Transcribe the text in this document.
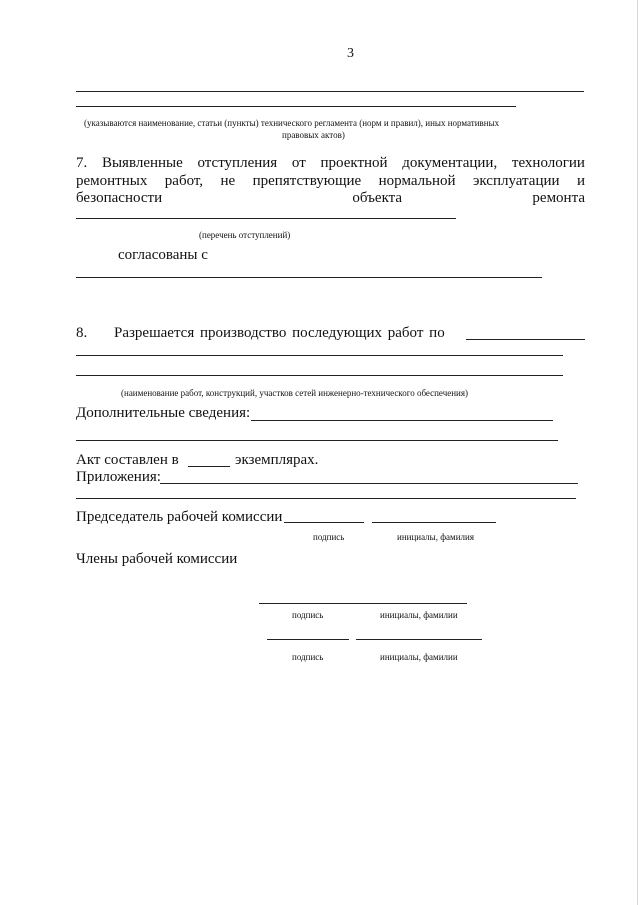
3
(указываются наименование, статьи (пункты) технического регламента (норм и правил), иных нормативных
правовых актов)
7. Выявленные отступления от проектной документации, технологии
ремонтных работ, не препятствующие нормальной эксплуатации и
безопасности	объекта	ремонта
(перечень отступлений)
согласованы с
8. Разрешается производство последующих работ по
(наименование работ, конструкций, участков сетей инженерно-технического обеспечения)
Дополнительные сведения:
Акт составлен в	экземплярах.
Приложения:
Председатель рабочей комиссии
подпись	инициалы, фамилия
Члены рабочей комиссии
подпись	инициалы, фамилии
подпись	инициалы, фамилии
